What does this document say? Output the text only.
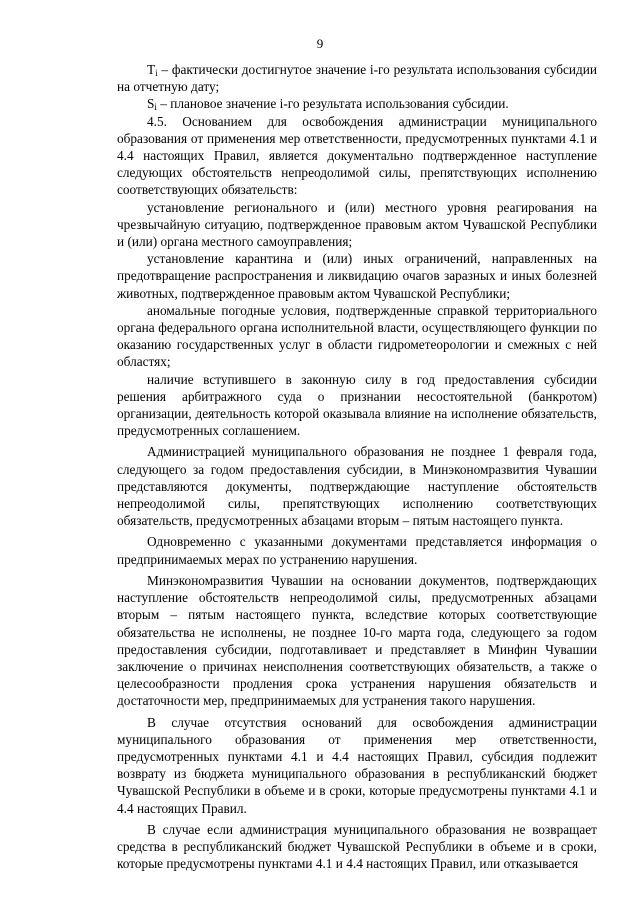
9

$T_i$ – фактически достигнутое значение i-го результата использования субсидии на отчетную дату;

$S_i$ – плановое значение i-го результата использования субсидии.

4.5. Основанием для освобождения администрации муниципального образования от применения мер ответственности, предусмотренных пунктами 4.1 и 4.4 настоящих Правил, является документально подтвержденное наступление следующих обстоятельств непреодолимой силы, препятствующих исполнению соответствующих обязательств:

установление регионального и (или) местного уровня реагирования на чрезвычайную ситуацию, подтвержденное правовым актом Чувашской Республики и (или) органа местного самоуправления;

установление карантина и (или) иных ограничений, направленных на предотвращение распространения и ликвидацию очагов заразных и иных болезней животных, подтвержденное правовым актом Чувашской Республики;

аномальные погодные условия, подтвержденные справкой территориального органа федерального органа исполнительной власти, осуществляющего функции по оказанию государственных услуг в области гидрометеорологии и смежных с ней областях;

наличие вступившего в законную силу в год предоставления субсидии решения арбитражного суда о признании несостоятельной (банкротом) организации, деятельность которой оказывала влияние на исполнение обязательств, предусмотренных соглашением.

Администрацией муниципального образования не позднее 1 февраля года, следующего за годом предоставления субсидии, в Минэкономразвития Чувашии представляются документы, подтверждающие наступление обстоятельств непреодолимой силы, препятствующих исполнению соответствующих обязательств, предусмотренных абзацами вторым – пятым настоящего пункта.

Одновременно с указанными документами представляется информация о предпринимаемых мерах по устранению нарушения.

Минэкономразвития Чувашии на основании документов, подтверждающих наступление обстоятельств непреодолимой силы, предусмотренных абзацами вторым – пятым настоящего пункта, вследствие которых соответствующие обязательства не исполнены, не позднее 10-го марта года, следующего за годом предоставления субсидии, подготавливает и представляет в Минфин Чувашии заключение о причинах неисполнения соответствующих обязательств, а также о целесообразности продления срока устранения нарушения обязательств и достаточности мер, предпринимаемых для устранения такого нарушения.

В случае отсутствия оснований для освобождения администрации муниципального образования от применения мер ответственности, предусмотренных пунктами 4.1 и 4.4 настоящих Правил, субсидия подлежит возврату из бюджета муниципального образования в республиканский бюджет Чувашской Республики в объеме и в сроки, которые предусмотрены пунктами 4.1 и 4.4 настоящих Правил.

В случае если администрация муниципального образования не возвращает средства в республиканский бюджет Чувашской Республики в объеме и в сроки, которые предусмотрены пунктами 4.1 и 4.4 настоящих Правил, или отказывается
